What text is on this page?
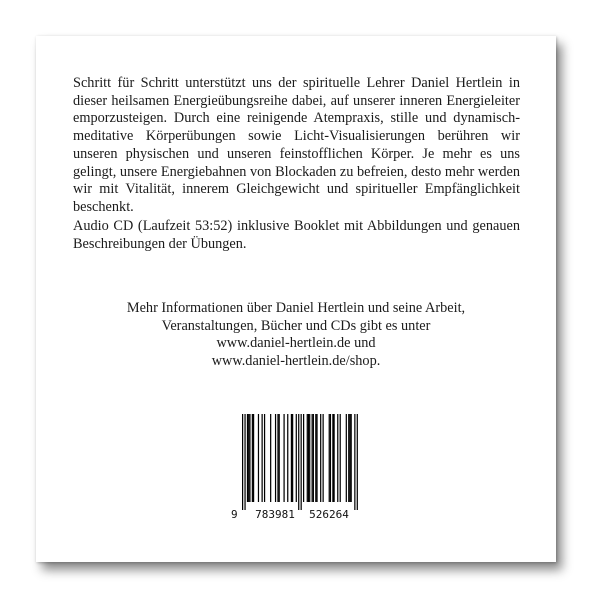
Schritt für Schritt unterstützt uns der spirituelle Lehrer Daniel Hertlein in dieser heilsamen Energieübungsreihe dabei, auf unserer inneren Energieleiter emporzusteigen. Durch eine reinigende Atempraxis, stille und dynamisch-meditative Körperübungen sowie Licht-Visualisierungen berühren wir unseren physischen und unseren feinstofflichen Körper. Je mehr es uns gelingt, unsere Energiebahnen von Blockaden zu befreien, desto mehr werden wir mit Vitalität, innerem Gleichgewicht und spiritueller Empfänglichkeit beschenkt.

Audio CD (Laufzeit 53:52) inklusive Booklet mit Abbildungen und genauen Beschreibungen der Übungen.

Mehr Informationen über Daniel Hertlein und seine Arbeit,
Veranstaltungen, Bücher und CDs gibt es unter
www.daniel-hertlein.de und
www.daniel-hertlein.de/shop.

9 783981 526264
